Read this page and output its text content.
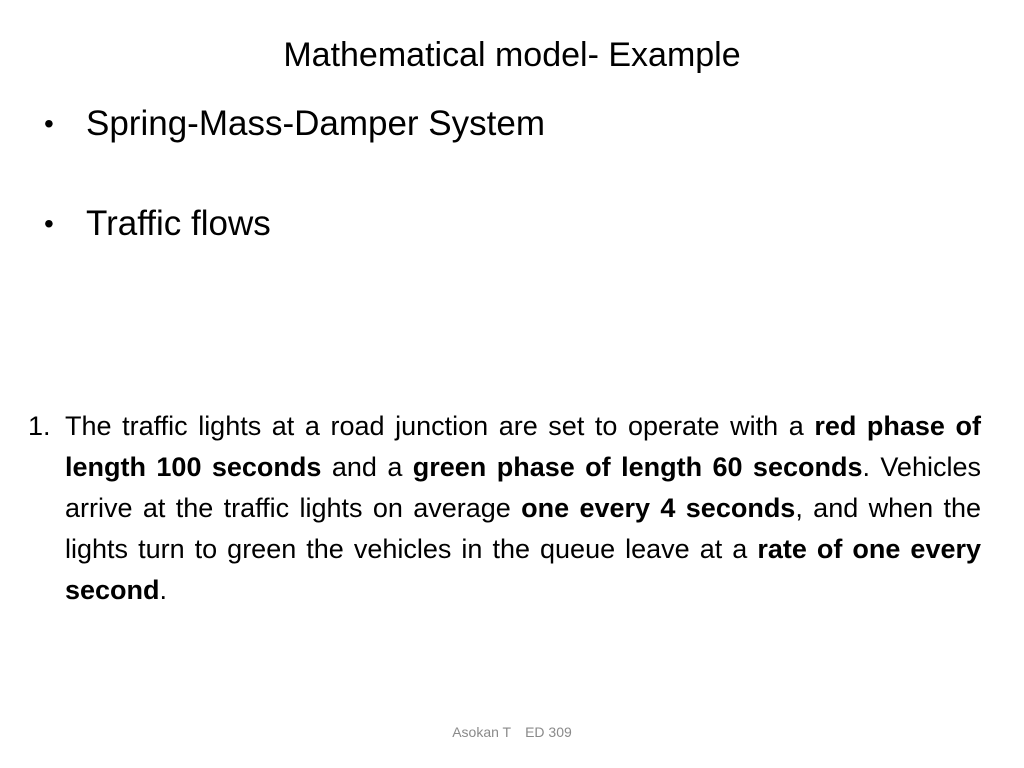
Mathematical model- Example
• Spring-Mass-Damper System
• Traffic flows
1. The traffic lights at a road junction are set to operate with a red phase of length 100 seconds and a green phase of length 60 seconds. Vehicles arrive at the traffic lights on average one every 4 seconds, and when the lights turn to green the vehicles in the queue leave at a rate of one every second.
Asokan T ED 309
